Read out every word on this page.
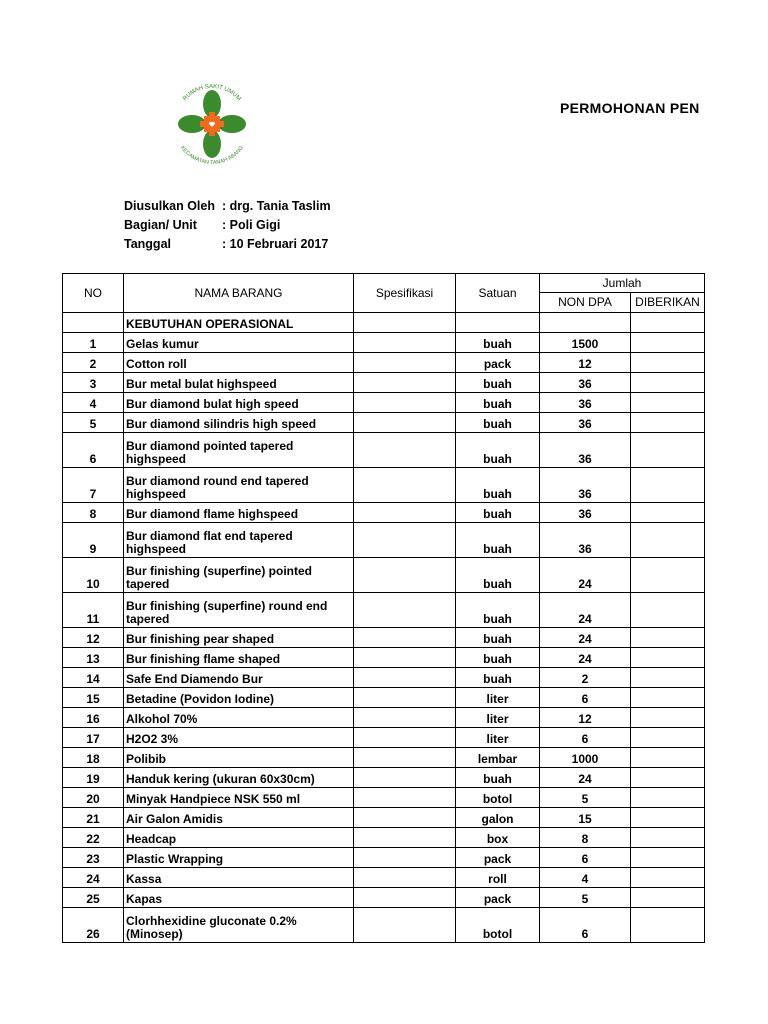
RUMAH SAKIT UMUM
KECAMATAN TANAH ABANG
PERMOHONAN PEN
Diusulkan Oleh : drg. Tania Taslim
Bagian/ Unit : Poli Gigi
Tanggal	: 10 Februari 2017
NO	NAMA BARANG	Spesifikasi	Satuan	Jumlah	
				NON DPA	DIBERIKAN
	KEBUTUHAN OPERASIONAL				
1	Gelas kumur		buah	1500	
2	Cotton roll		pack	12	
3	Bur metal bulat highspeed		buah	36	
4	Bur diamond bulat high speed		buah	36	
5	Bur diamond silindris high speed		buah	36	
6	Bur diamond pointed tapered highspeed		buah	36	
7	Bur diamond round end tapered highspeed		buah	36	
8	Bur diamond flame highspeed		buah	36	
9	Bur diamond flat end tapered highspeed		buah	36	
10	Bur finishing (superfine) pointed tapered		buah	24	
11	Bur finishing (superfine) round end tapered		buah	24	
12	Bur finishing pear shaped		buah	24	
13	Bur finishing flame shaped		buah	24	
14	Safe End Diamendo Bur		buah	2	
15	Betadine (Povidon Iodine)		liter	6	
16	Alkohol 70%		liter	12	
17	H2O2 3%		liter	6	
18	Polibib		lembar	1000	
19	Handuk kering (ukuran 60x30cm)		buah	24	
20	Minyak Handpiece NSK 550 ml		botol	5	
21	Air Galon Amidis		galon	15	
22	Headcap		box	8	
23	Plastic Wrapping		pack	6	
24	Kassa		roll	4	
25	Kapas		pack	5	
26	Clorhhexidine gluconate 0.2% (Minosep)		botol	6	
